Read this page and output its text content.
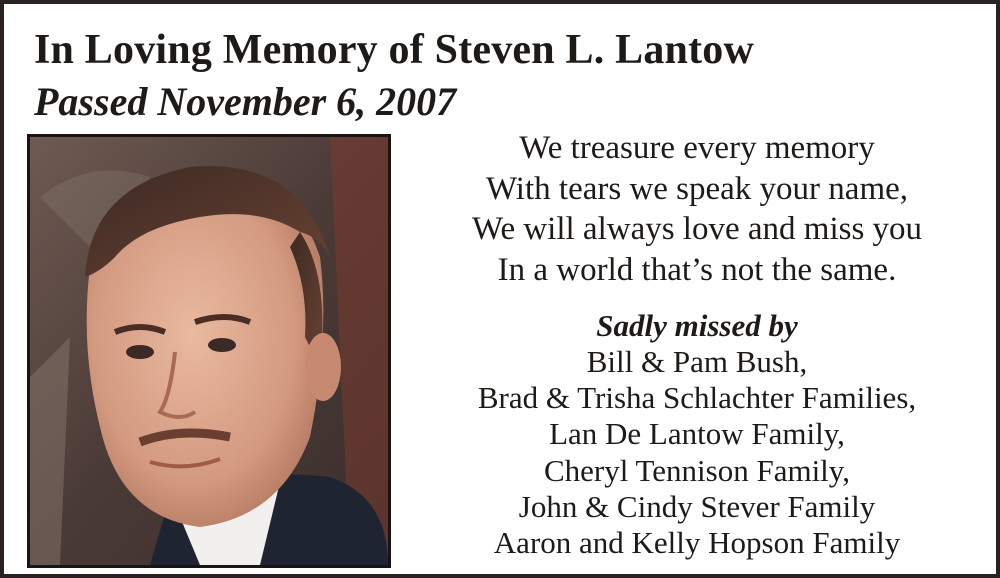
In Loving Memory of Steven L. Lantow
Passed November 6, 2007
We treasure every memory
With tears we speak your name,
We will always love and miss you
In a world that’s not the same.
Sadly missed by
Bill & Pam Bush,
Brad & Trisha Schlachter Families,
Lan De Lantow Family,
Cheryl Tennison Family,
John & Cindy Stever Family
Aaron and Kelly Hopson Family
